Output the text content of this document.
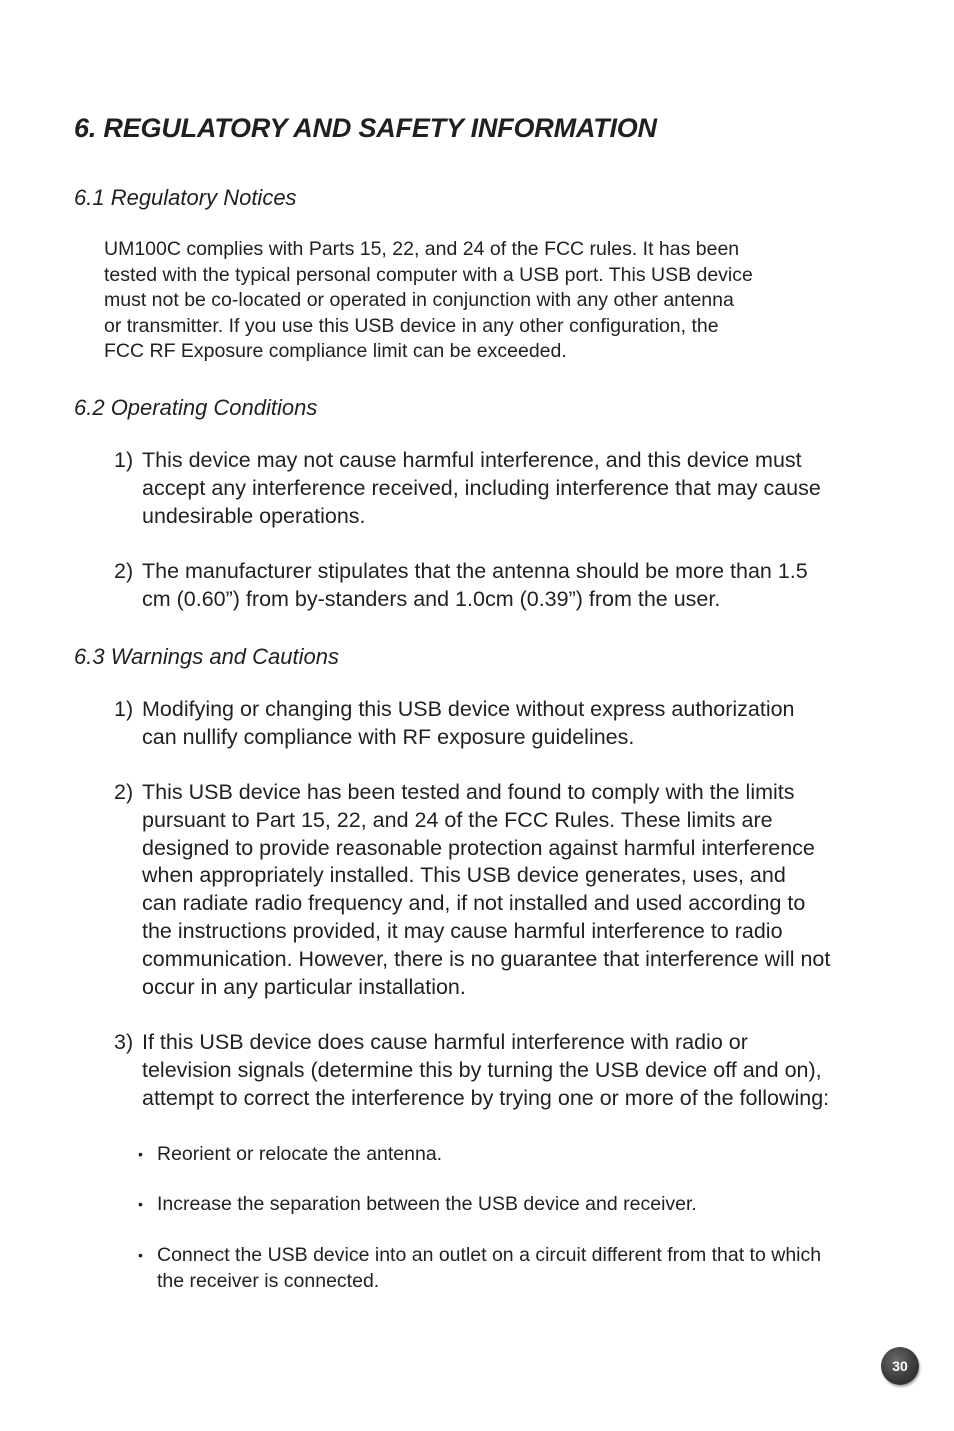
6. REGULATORY AND SAFETY INFORMATION
6.1 Regulatory Notices

UM100C complies with Parts 15, 22, and 24 of the FCC rules. It has been
tested with the typical personal computer with a USB port. This USB device
must not be co-located or operated in conjunction with any other antenna
or transmitter. If you use this USB device in any other configuration, the
FCC RF Exposure compliance limit can be exceeded.

6.2 Operating Conditions
1) This device may not cause harmful interference, and this device must
accept any interference received, including interference that may cause
undesirable operations.
2) The manufacturer stipulates that the antenna should be more than 1.5
cm (0.60”) from by-standers and 1.0cm (0.39”) from the user.
6.3 Warnings and Cautions
1) Modifying or changing this USB device without express authorization
can nullify compliance with RF exposure guidelines.
2) This USB device has been tested and found to comply with the limits
pursuant to Part 15, 22, and 24 of the FCC Rules. These limits are
designed to provide reasonable protection against harmful interference
when appropriately installed. This USB device generates, uses, and
can radiate radio frequency and, if not installed and used according to
the instructions provided, it may cause harmful interference to radio
communication. However, there is no guarantee that interference will not
occur in any particular installation.
3) If this USB device does cause harmful interference with radio or
television signals (determine this by turning the USB device off and on),
attempt to correct the interference by trying one or more of the following:
• Reorient or relocate the antenna.
• Increase the separation between the USB device and receiver.
• Connect the USB device into an outlet on a circuit different from that to which
the receiver is connected.
30
